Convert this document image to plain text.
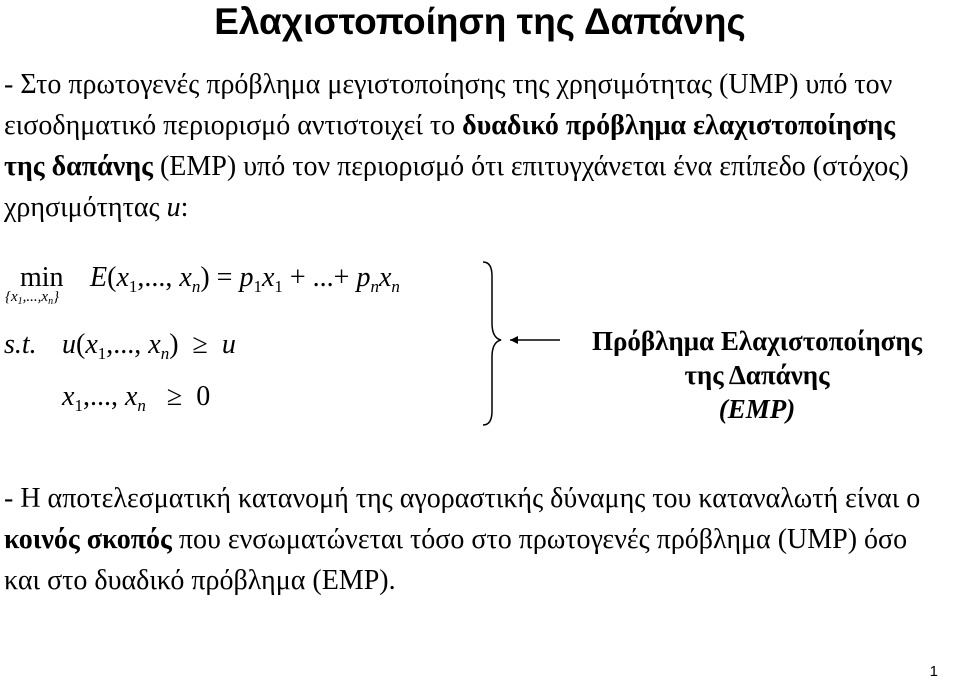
Ελαχιστοποίηση της Δαπάνης
- Στο πρωτογενές πρόβλημα μεγιστοποίησης της χρησιμότητας (UMP) υπό τον εισοδηματικό περιορισμό αντιστοιχεί το δυαδικό πρόβλημα ελαχιστοποίησης της δαπάνης (EMP) υπό τον περιορισμό ότι επιτυγχάνεται ένα επίπεδο (στόχος) χρησιμότητας u:
min
$\{x_1,...,x_n\}$
$E(x_1$,..., $x_n) = p_1x_1$ + ...+ $p_nx_n$
s.t. $u(x_1$,..., $x_n) \ge u$
$x_1$,..., $x_n \ge 0$
Πρόβλημα Ελαχιστοποίησης
της Δαπάνης
(EMP)
- Η αποτελεσματική κατανομή της αγοραστικής δύναμης του καταναλωτή είναι ο κοινός σκοπός που ενσωματώνεται τόσο στο πρωτογενές πρόβλημα (UMP) όσο και στο δυαδικό πρόβλημα (EMP).
1
